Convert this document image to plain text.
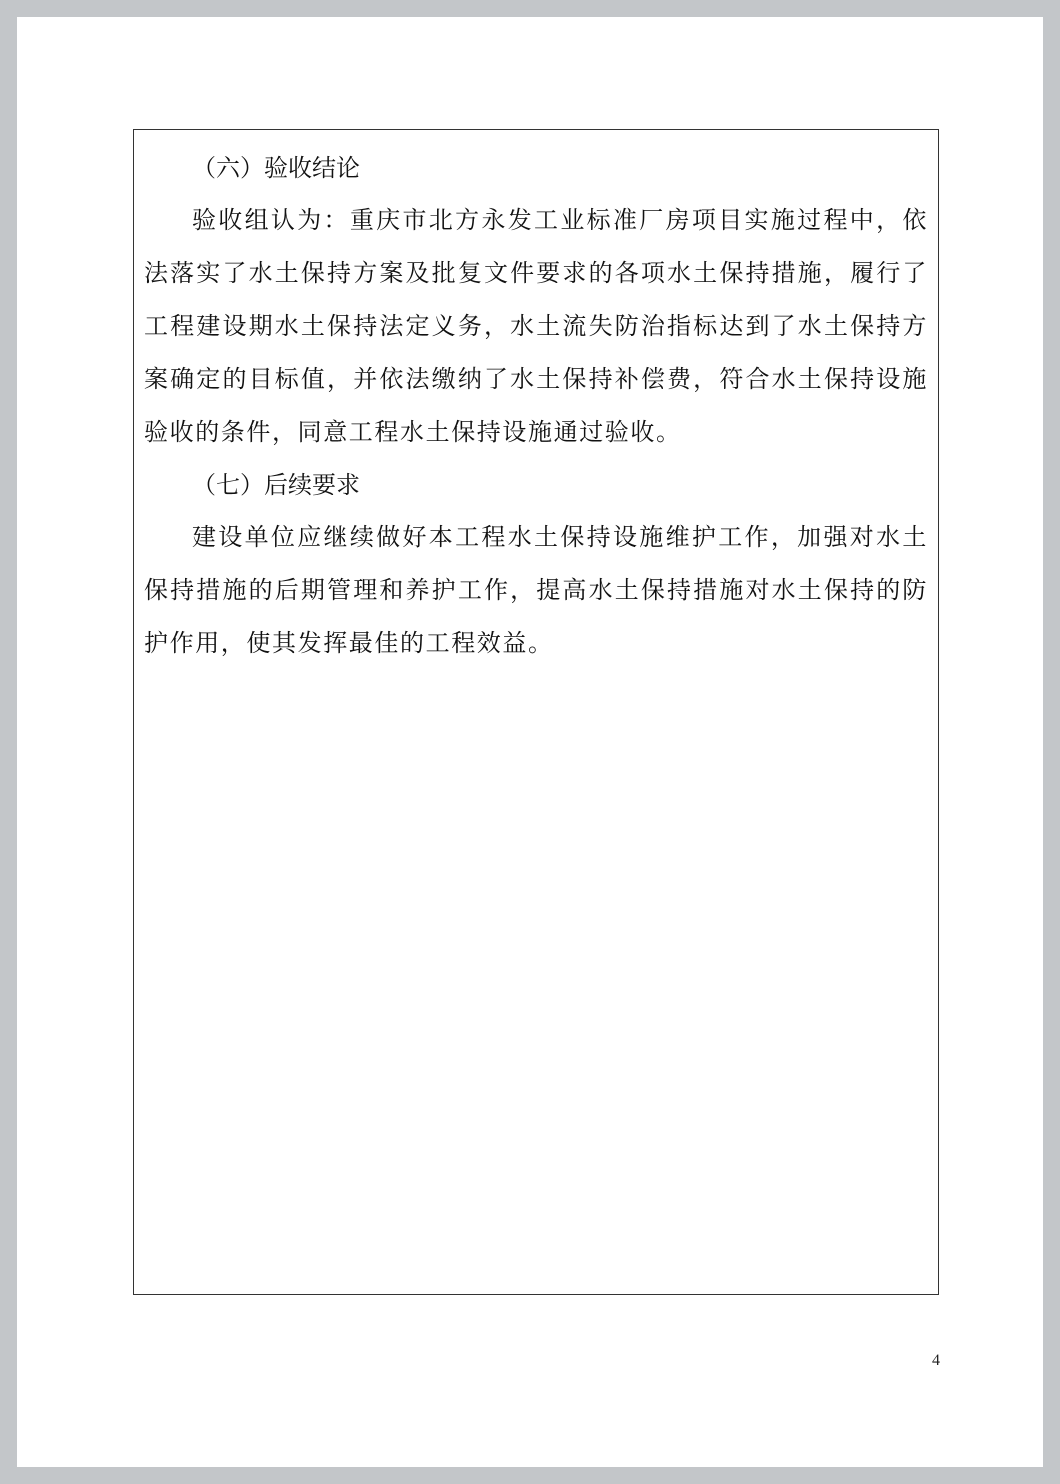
（六）验收结论

验收组认为：重庆市北方永发工业标准厂房项目实施过程中，依法落实了水土保持方案及批复文件要求的各项水土保持措施，履行了工程建设期水土保持法定义务，水土流失防治指标达到了水土保持方案确定的目标值，并依法缴纳了水土保持补偿费，符合水土保持设施验收的条件，同意工程水土保持设施通过验收。

（七）后续要求

建设单位应继续做好本工程水土保持设施维护工作，加强对水土保持措施的后期管理和养护工作，提高水土保持措施对水土保持的防护作用，使其发挥最佳的工程效益。

4
